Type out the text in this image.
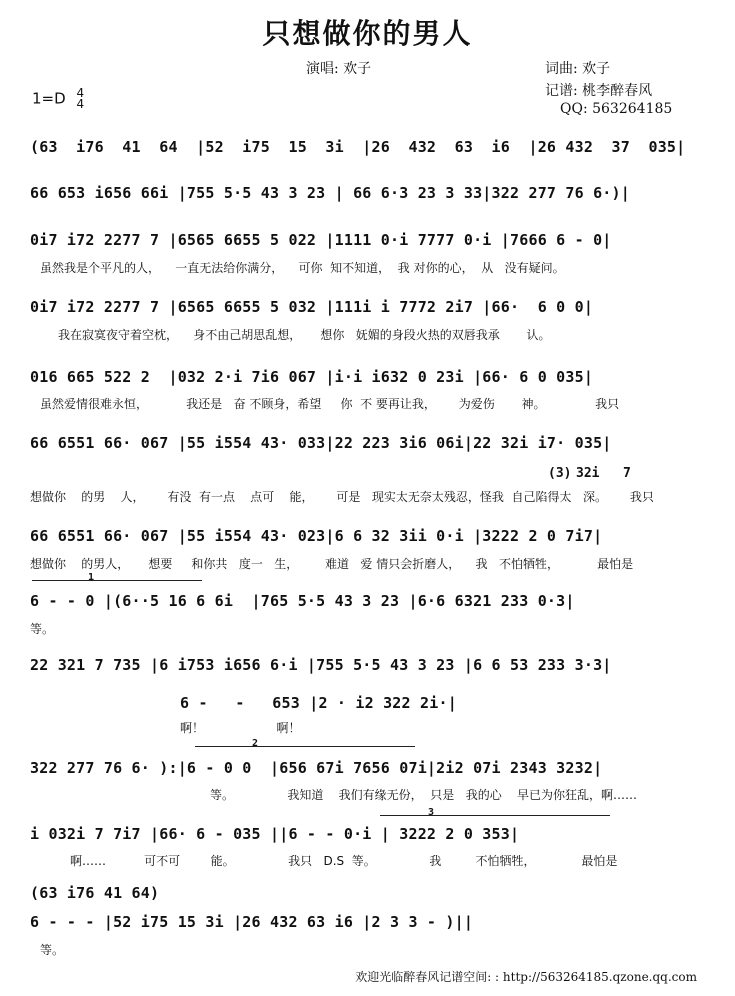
只想做你的男人
演唱: 欢子	词曲: 欢子
记谱: 桃李醉春风
QQ: 563264185
1=D 4
4
(63  i76  41  64  |52  i75  15  3i  |26  432  63  i6  |26 432  37  035|
66 653 i656 66i |755 5·5 43 3 23 | 66 6·3 23 3 33|322 277 76 6·)|
0i7 i72 2277 7 |6565 6655 5 022 |1111 0·i 7777 0·i |7666 6 - 0|
虽然我是个平凡的人，    一直无法给你满分，    可你  知不知道，  我 对你的心，  从   没有疑问。
0i7 i72 2277 7 |6565 6655 5 032 |111i i 7772 2i7 |66·  6 0 0|
我在寂寞夜守着空枕，    身不由己胡思乱想，     想你   妩媚的身段火热的双唇我承       认。
016 665 522 2  |032 2·i 7i6 067 |i·i i632 0 23i |66· 6 0 035|
虽然爱情很难永恒，          我还是   奋 不顾身，希望     你  不 要再让我，      为爱伤       神。             我只
66 6551 66· 067 |55 i554 43· 033|22 223 3i6 06i|22 32i i7· 035|
(3) 32i 7
想做你    的男    人，      有没  有一点    点可    能，      可是   现实太无奈太残忍，怪我  自己陷得太   深。      我只
66 6551 66· 067 |55 i554 43· 023|6 6 32 3ii 0·i |3222 2 0 7i7|
想做你    的男人，     想要     和你共   度一   生，       难道   爱 情只会折磨人，    我   不怕牺牲，          最怕是
1
6 - - 0 |(6··5 16 6 6i  |765 5·5 43 3 23 |6·6 6321 233 0·3|
等。
22 321 7 735 |6 i753 i656 6·i |755 5·5 43 3 23 |6 6 53 233 3·3|
6 -   -   653 |2 · i2 322 2i·|
啊！                   啊！
2
322 277 76 6· ):|6 - 0 0  |656 67i 7656 07i|2i2 07i 2343 3232|
等。              我知道    我们有缘无份，  只是   我的心    早已为你狂乱，啊……
3
i 032i 7 7i7 |66· 6 - 035 ||6 - - 0·i | 3222 2 0 353|
啊……          可不可        能。              我只   D.S  等。              我         不怕牺牲，            最怕是
(63 i76 41 64)
6 - - - |52 i75 15 3i |26 432 63 i6 |2 3 3 - )||
等。
欢迎光临醉春风记谱空间: : http://563264185.qzone.qq.com
